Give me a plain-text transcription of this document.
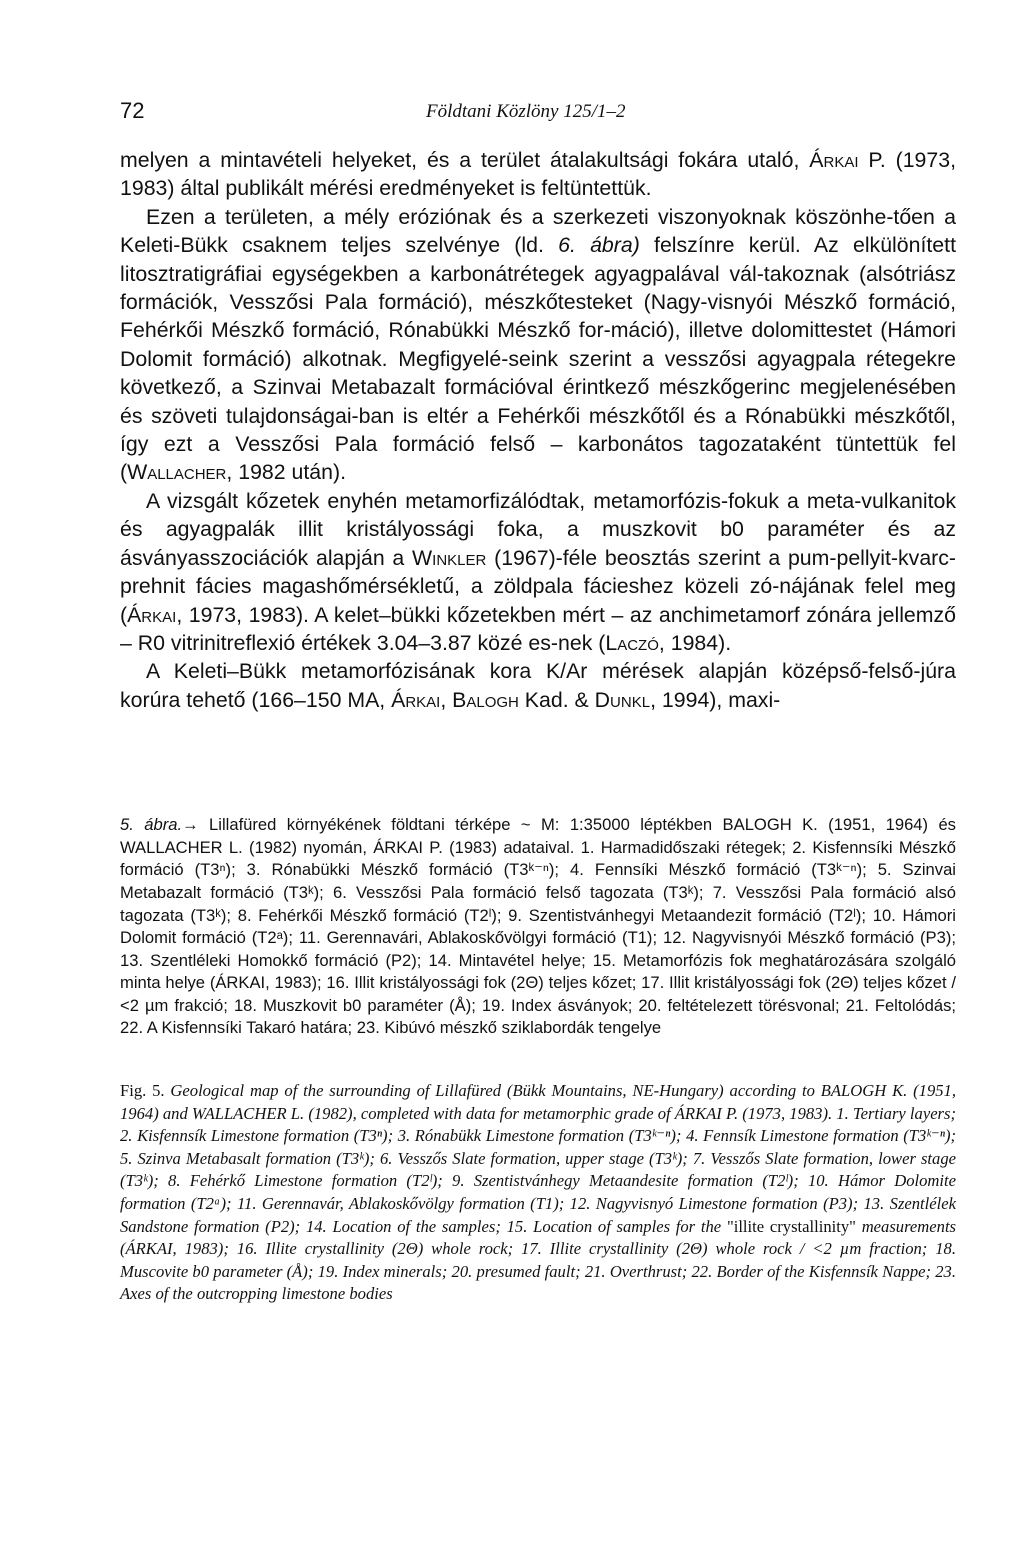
72	Földtani Közlöny 125/1–2

melyen a mintavételi helyeket, és a terület átalakultsági fokára utaló, Árkai P. (1973, 1983) által publikált mérési eredményeket is feltüntettük.

Ezen a területen, a mély eróziónak és a szerkezeti viszonyoknak köszönhe-tően a Keleti-Bükk csaknem teljes szelvénye (ld. 6. ábra) felszínre kerül. Az elkülönített litosztratigráfiai egységekben a karbonátrétegek agyagpalával vál-takoznak (alsótriász formációk, Vesszősi Pala formáció), mészkőtesteket (Nagy-visnyói Mészkő formáció, Fehérkői Mészkő formáció, Rónabükki Mészkő for-máció), illetve dolomittestet (Hámori Dolomit formáció) alkotnak. Megfigyelé-seink szerint a vesszősi agyagpala rétegekre következő, a Szinvai Metabazalt formációval érintkező mészkőgerinc megjelenésében és szöveti tulajdonságai-ban is eltér a Fehérkői mészkőtől és a Rónabükki mészkőtől, így ezt a Vesszősi Pala formáció felső – karbonátos tagozataként tüntettük fel (Wallacher, 1982 után).

A vizsgált kőzetek enyhén metamorfizálódtak, metamorfózis-fokuk a meta-vulkanitok és agyagpalák illit kristályossági foka, a muszkovit b0 paraméter és az ásványasszociációk alapján a Winkler (1967)-féle beosztás szerint a pum-pellyit-kvarc-prehnit fácies magashőmérsékletű, a zöldpala fácieshez közeli zó-nájának felel meg (Árkai, 1973, 1983). A kelet–bükki kőzetekben mért – az anchimetamorf zónára jellemző – R0 vitrinitreflexió értékek 3.04–3.87 közé es-nek (Laczó, 1984).

A Keleti–Bükk metamorfózisának kora K/Ar mérések alapján középső-felső-júra korúra tehető (166–150 MA, Árkai, Balogh Kad. & Dunkl, 1994), maxi-

5. ábra.→ Lillafüred környékének földtani térképe ~ M: 1:35000 léptékben BALOGH K. (1951, 1964) és WALLACHER L. (1982) nyomán, ÁRKAI P. (1983) adataival. 1. Harmadidőszaki rétegek; 2. Kisfennsíki Mészkő formáció (T3ⁿ); 3. Rónabükki Mészkő formáció (T3ᵏ⁻ⁿ); 4. Fennsíki Mészkő formáció (T3ᵏ⁻ⁿ); 5. Szinvai Metabazalt formáció (T3ᵏ); 6. Vesszősi Pala formáció felső tagozata (T3ᵏ); 7. Vesszősi Pala formáció alsó tagozata (T3ᵏ); 8. Fehérkői Mészkő formáció (T2ˡ); 9. Szentistvánhegyi Metaandezit formáció (T2ˡ); 10. Hámori Dolomit formáció (T2ᵃ); 11. Gerennavári, Ablakoskővölgyi formáció (T1); 12. Nagyvisnyói Mészkő formáció (P3); 13. Szentléleki Homokkő formáció (P2); 14. Mintavétel helye; 15. Metamorfózis fok meghatározására szolgáló minta helye (ÁRKAI, 1983); 16. Illit kristályossági fok (2Θ) teljes kőzet; 17. Illit kristályossági fok (2Θ) teljes kőzet / <2 µm frakció; 18. Muszkovit b0 paraméter (Å); 19. Index ásványok; 20. feltételezett törésvonal; 21. Feltolódás; 22. A Kisfennsíki Takaró határa; 23. Kibúvó mészkő sziklabordák tengelye
Fig. 5. Geological map of the surrounding of Lillafüred (Bükk Mountains, NE-Hungary) according to BALOGH K. (1951, 1964) and WALLACHER L. (1982), completed with data for metamorphic grade of ÁRKAI P. (1973, 1983). 1. Tertiary layers; 2. Kisfennsík Limestone formation (T3ⁿ); 3. Rónabükk Limestone formation (T3ᵏ⁻ⁿ); 4. Fennsík Limestone formation (T3ᵏ⁻ⁿ); 5. Szinva Metabasalt formation (T3ᵏ); 6. Vesszős Slate formation, upper stage (T3ᵏ); 7. Vesszős Slate formation, lower stage (T3ᵏ); 8. Fehérkő Limestone formation (T2ˡ); 9. Szentistvánhegy Metaandesite formation (T2ˡ); 10. Hámor Dolomite formation (T2ᵃ); 11. Gerennavár, Ablakoskővölgy formation (T1); 12. Nagyvisnyó Limestone formation (P3); 13. Szentlélek Sandstone formation (P2); 14. Location of the samples; 15. Location of samples for the "illite crystallinity" measurements (ÁRKAI, 1983); 16. Illite crystallinity (2Θ) whole rock; 17. Illite crystallinity (2Θ) whole rock / <2 µm fraction; 18. Muscovite b0 parameter (Å); 19. Index minerals; 20. presumed fault; 21. Overthrust; 22. Border of the Kisfennsík Nappe; 23. Axes of the outcropping limestone bodies
